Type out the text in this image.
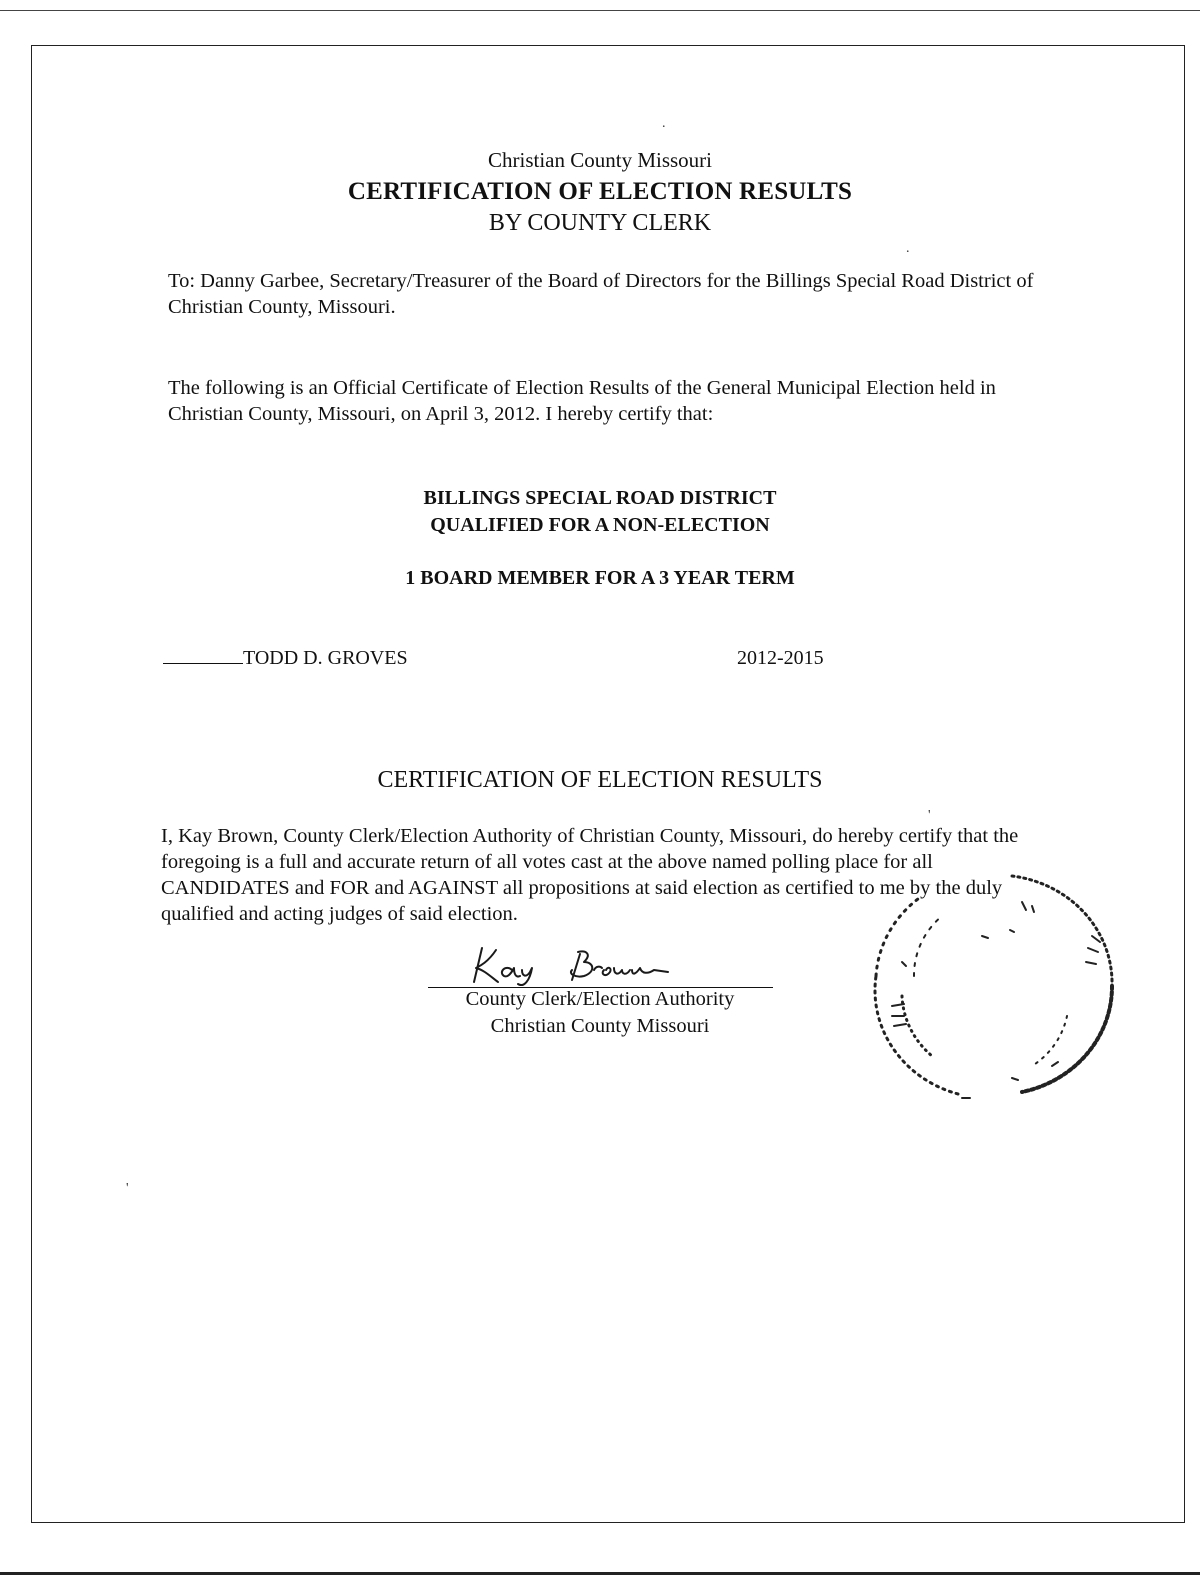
.
.
'
'
Christian County Missouri
CERTIFICATION OF ELECTION RESULTS
BY COUNTY CLERK
To: Danny Garbee, Secretary/Treasurer of the Board of Directors for the Billings Special Road District of Christian County, Missouri.
The following is an Official Certificate of Election Results of the General Municipal Election held in Christian County, Missouri, on April 3, 2012. I hereby certify that:
BILLINGS SPECIAL ROAD DISTRICT
QUALIFIED FOR A NON-ELECTION
1 BOARD MEMBER FOR A 3 YEAR TERM
TODD D. GROVES	2012-2015
CERTIFICATION OF ELECTION RESULTS
I, Kay Brown, County Clerk/Election Authority of Christian County, Missouri, do hereby certify that the foregoing is a full and accurate return of all votes cast at the above named polling place for all CANDIDATES and FOR and AGAINST all propositions at said election as certified to me by the duly qualified and acting judges of said election.
County Clerk/Election Authority
Christian County Missouri
